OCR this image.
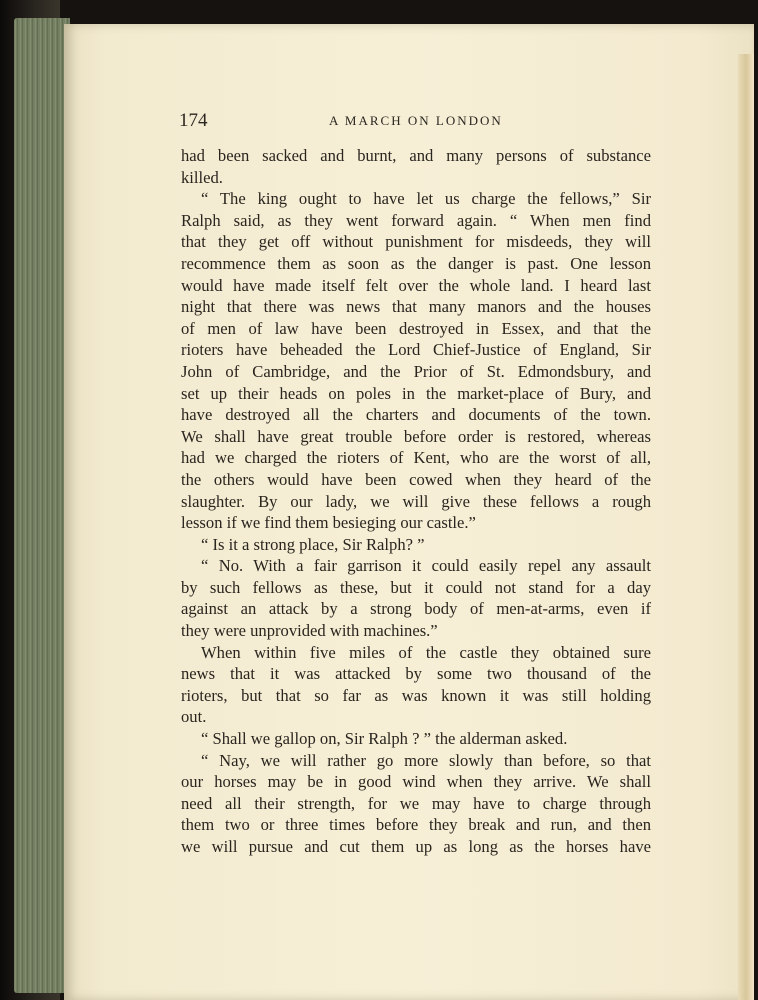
174	A MARCH ON LONDON
had been sacked and burnt, and many persons of substance
killed.
“ The king ought to have let us charge the fellows,” Sir
Ralph said, as they went forward again. “ When men find
that they get off without punishment for misdeeds, they will
recommence them as soon as the danger is past. One lesson
would have made itself felt over the whole land. I heard last
night that there was news that many manors and the houses
of men of law have been destroyed in Essex, and that the
rioters have beheaded the Lord Chief-Justice of England, Sir
John of Cambridge, and the Prior of St. Edmondsbury, and
set up their heads on poles in the market-place of Bury, and
have destroyed all the charters and documents of the town.
We shall have great trouble before order is restored, whereas
had we charged the rioters of Kent, who are the worst of all,
the others would have been cowed when they heard of the
slaughter. By our lady, we will give these fellows a rough
lesson if we find them besieging our castle.”
“ Is it a strong place, Sir Ralph? ”
“ No. With a fair garrison it could easily repel any assault
by such fellows as these, but it could not stand for a day
against an attack by a strong body of men-at-arms, even if
they were unprovided with machines.”
When within five miles of the castle they obtained sure
news that it was attacked by some two thousand of the
rioters, but that so far as was known it was still holding
out.
“ Shall we gallop on, Sir Ralph ? ” the alderman asked.
“ Nay, we will rather go more slowly than before, so that
our horses may be in good wind when they arrive. We shall
need all their strength, for we may have to charge through
them two or three times before they break and run, and then
we will pursue and cut them up as long as the horses have
